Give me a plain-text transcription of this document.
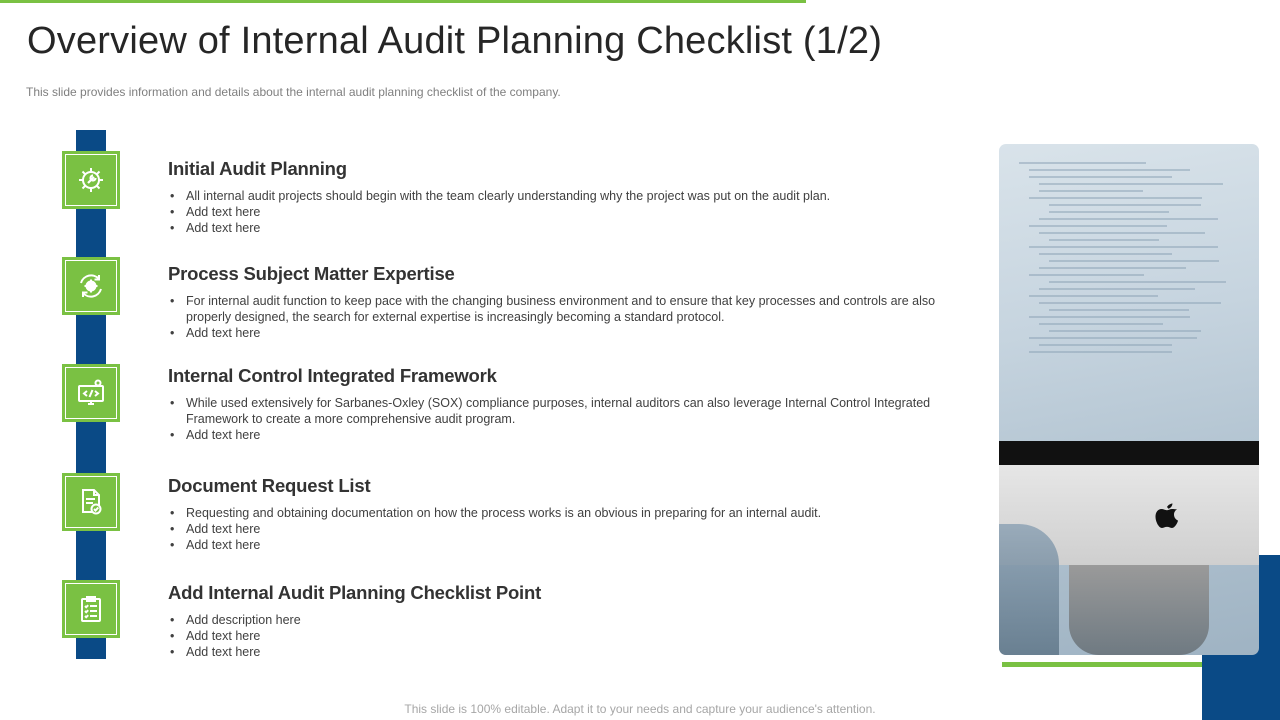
Overview of Internal Audit Planning Checklist (1/2)

This slide provides information and details about the internal audit planning checklist of the company.

Initial Audit Planning
• All internal audit projects should begin with the team clearly understanding why the project was put on the audit plan.
• Add text here
• Add text here
Process Subject Matter Expertise
• For internal audit function to keep pace with the changing business environment and to ensure that key processes and controls are also properly designed, the search for external expertise is increasingly becoming a standard protocol.
• Add text here
Internal Control Integrated Framework
• While used extensively for Sarbanes-Oxley (SOX) compliance purposes, internal auditors can also leverage Internal Control Integrated Framework to create a more comprehensive audit program.
• Add text here
Document Request List
• Requesting and obtaining documentation on how the process works is an obvious in preparing for an internal audit.
• Add text here
• Add text here
Add Internal Audit Planning Checklist Point
• Add description here
• Add text here
• Add text here

This slide is 100% editable. Adapt it to your needs and capture your audience's attention.
